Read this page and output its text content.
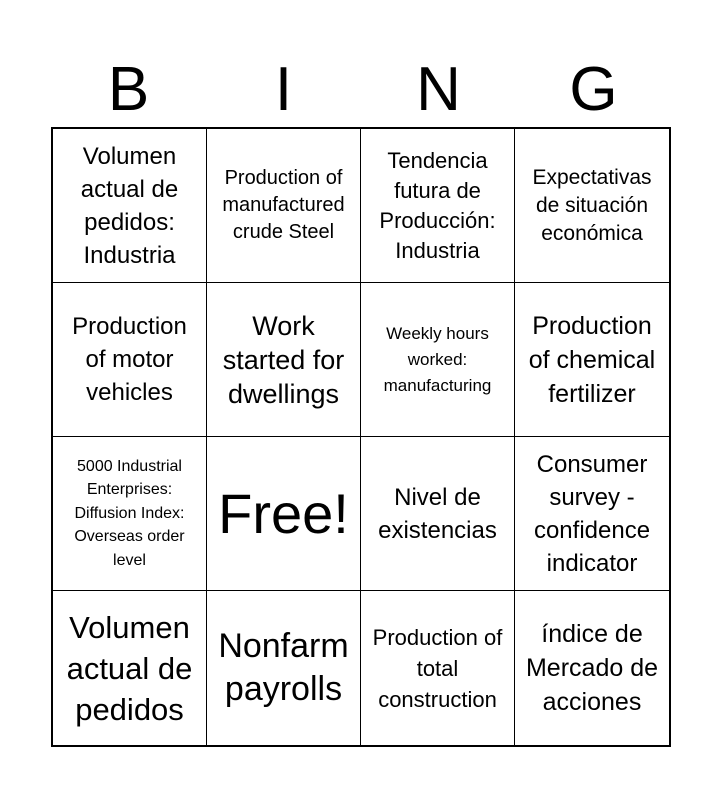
B	I	N	G
Volumen actual de pedidos: Industria
Production of manufactured crude Steel
Tendencia futura de Producción: Industria
Expectativas de situación económica
Production of motor vehicles
Work started for dwellings
Weekly hours worked: manufacturing
Production of chemical fertilizer
5000 Industrial Enterprises: Diffusion Index: Overseas order level
Free!	Nivel de existencias
Consumer survey - confidence indicator
Volumen actual de pedidos
Nonfarm payrolls
Production of total construction
índice de Mercado de acciones
